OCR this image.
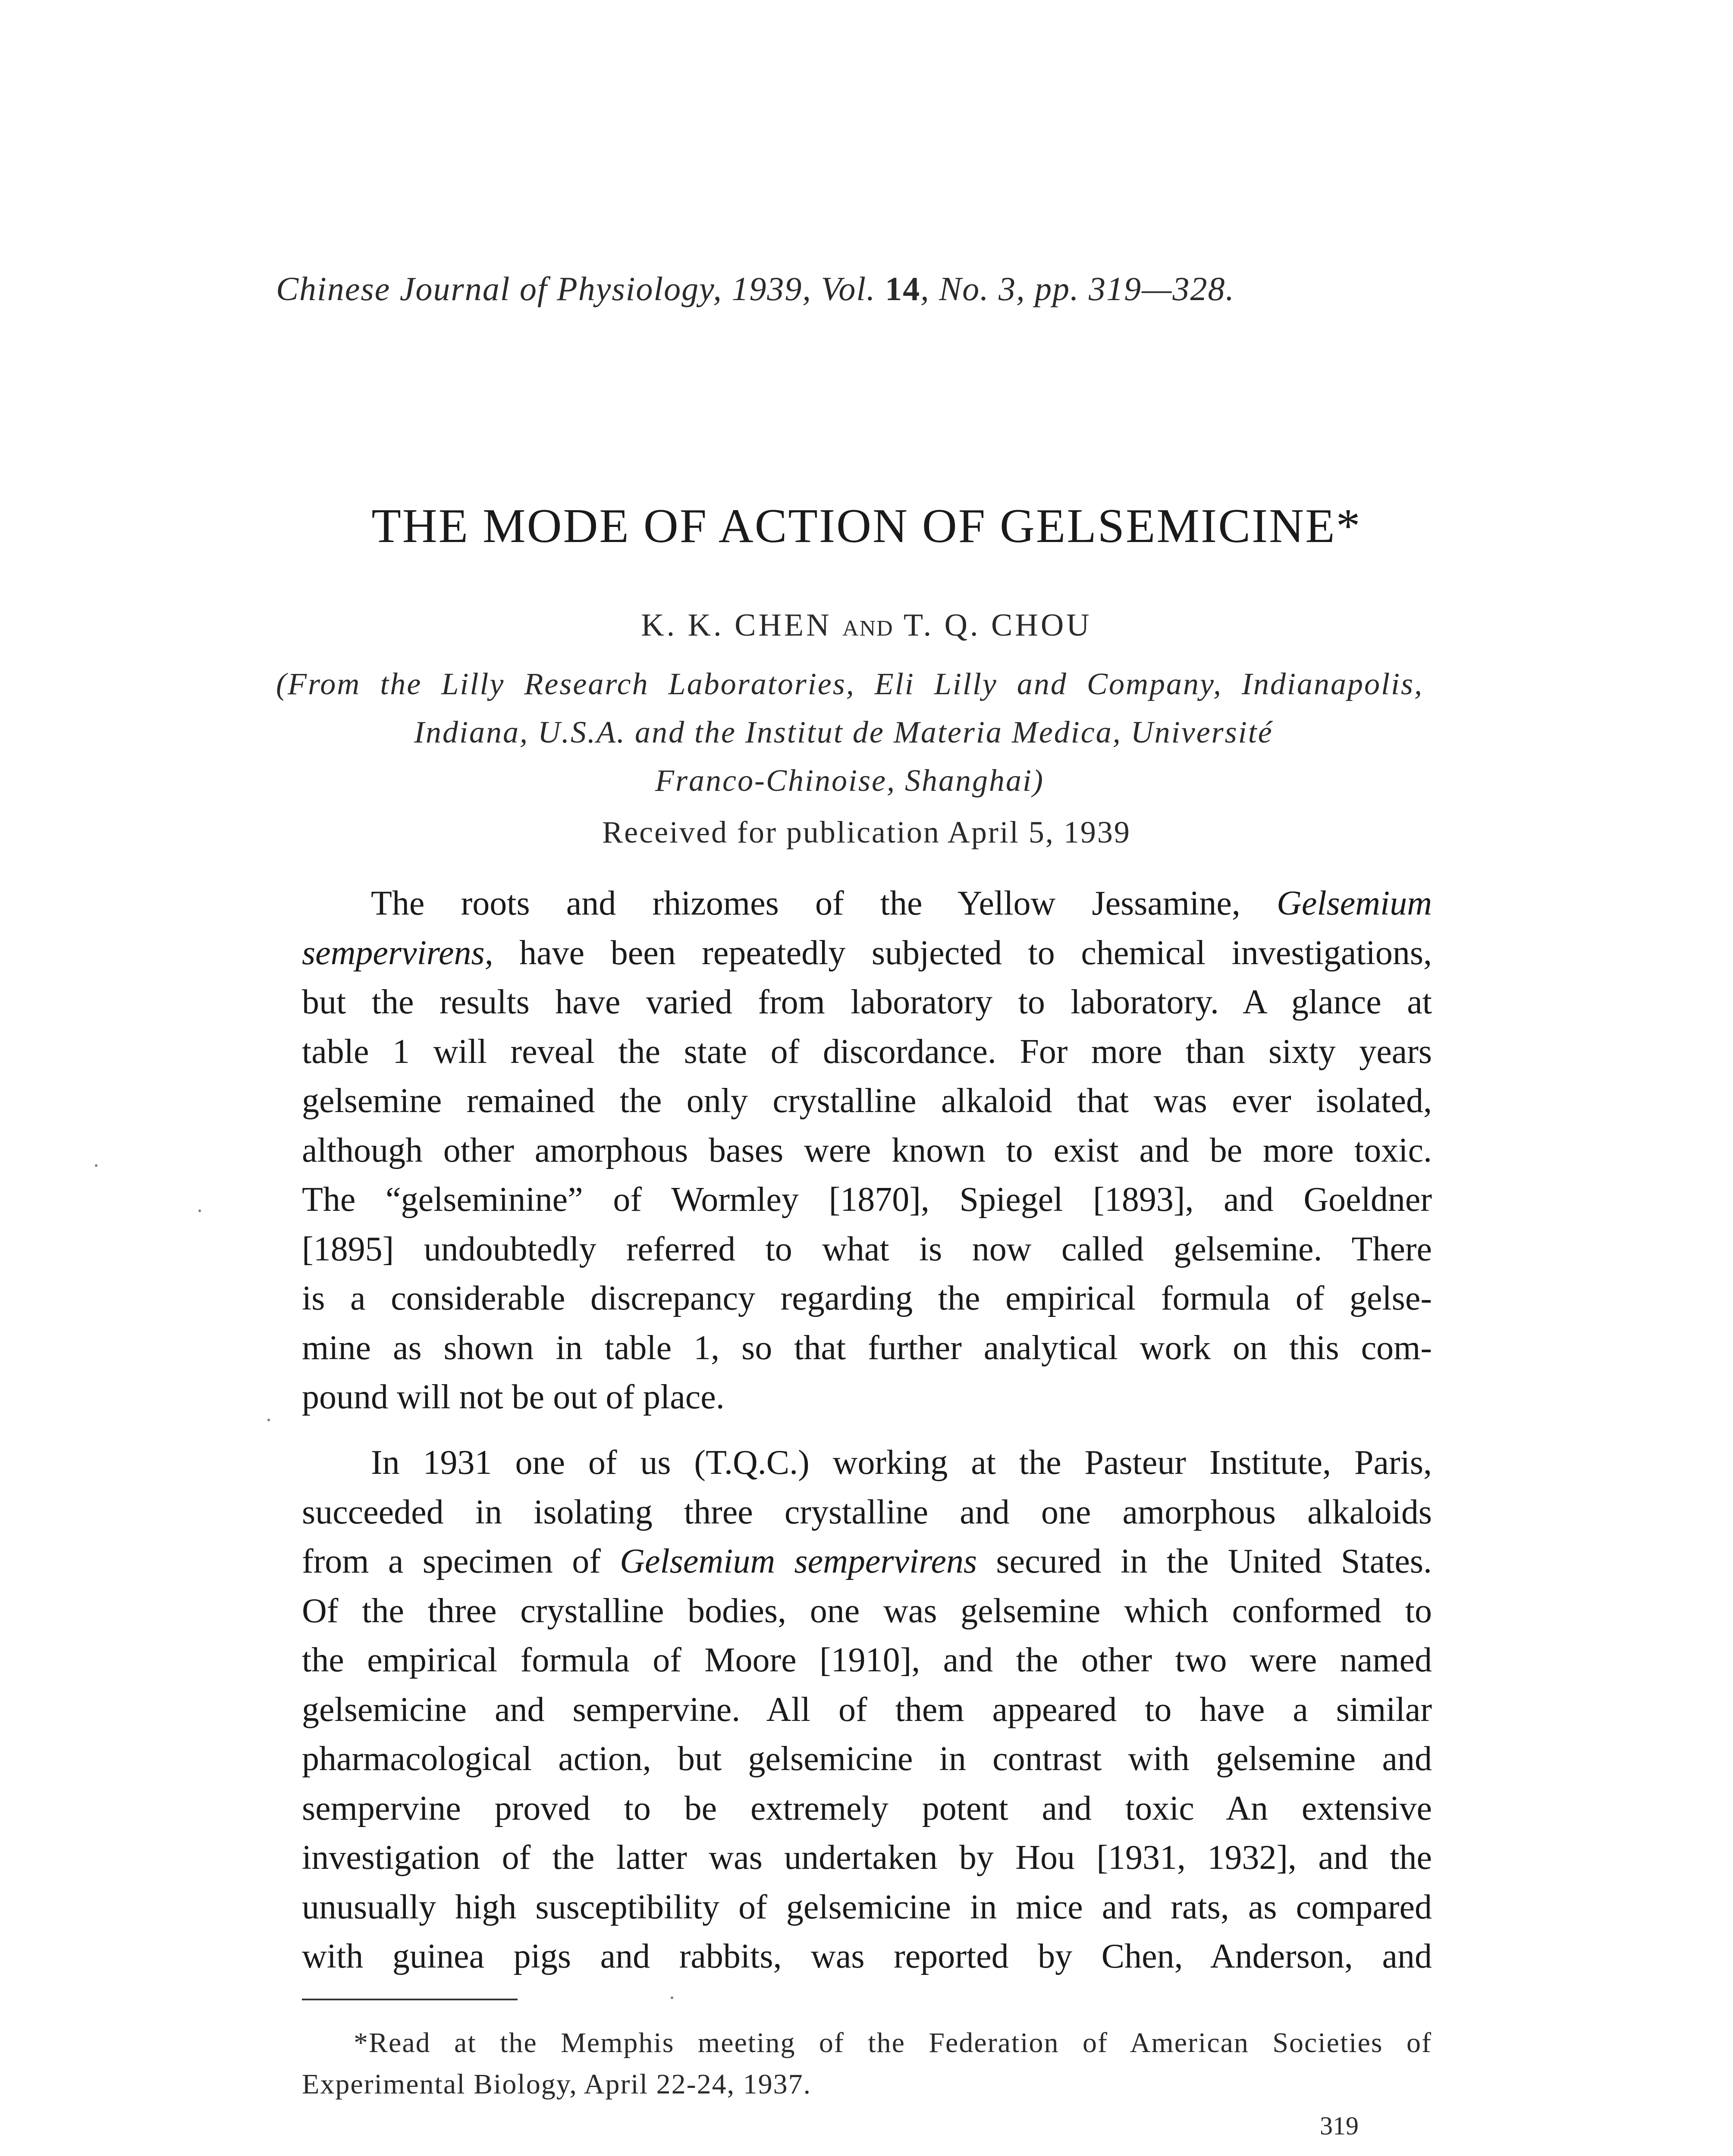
Chinese Journal of Physiology, 1939, Vol. 14, No. 3, pp. 319—328.
THE MODE OF ACTION OF GELSEMICINE*
K. K. CHEN AND T. Q. CHOU
(From the Lilly Research Laboratories, Eli Lilly and Company, Indianapolis,
Indiana, U.S.A. and the Institut de Materia Medica, Université
Franco-Chinoise, Shanghai)
Received for publication April 5, 1939
The roots and rhizomes of the Yellow Jessamine, Gelsemium
sempervirens, have been repeatedly subjected to chemical investigations,
but the results have varied from laboratory to laboratory. A glance at
table 1 will reveal the state of discordance. For more than sixty years
gelsemine remained the only crystalline alkaloid that was ever isolated,
although other amorphous bases were known to exist and be more toxic.
The “gelseminine” of Wormley [1870], Spiegel [1893], and Goeldner
[1895] undoubtedly referred to what is now called gelsemine. There
is a considerable discrepancy regarding the empirical formula of gelse-
mine as shown in table 1, so that further analytical work on this com-
pound will not be out of place.
In 1931 one of us (T.Q.C.) working at the Pasteur Institute, Paris,
succeeded in isolating three crystalline and one amorphous alkaloids
from a specimen of Gelsemium sempervirens secured in the United States.
Of the three crystalline bodies, one was gelsemine which conformed to
the empirical formula of Moore [1910], and the other two were named
gelsemicine and sempervine. All of them appeared to have a similar
pharmacological action, but gelsemicine in contrast with gelsemine and
sempervine proved to be extremely potent and toxic An extensive
investigation of the latter was undertaken by Hou [1931, 1932], and the
unusually high susceptibility of gelsemicine in mice and rats, as compared
with guinea pigs and rabbits, was reported by Chen, Anderson, and
*Read at the Memphis meeting of the Federation of American Societies of
Experimental Biology, April 22-24, 1937.
319
